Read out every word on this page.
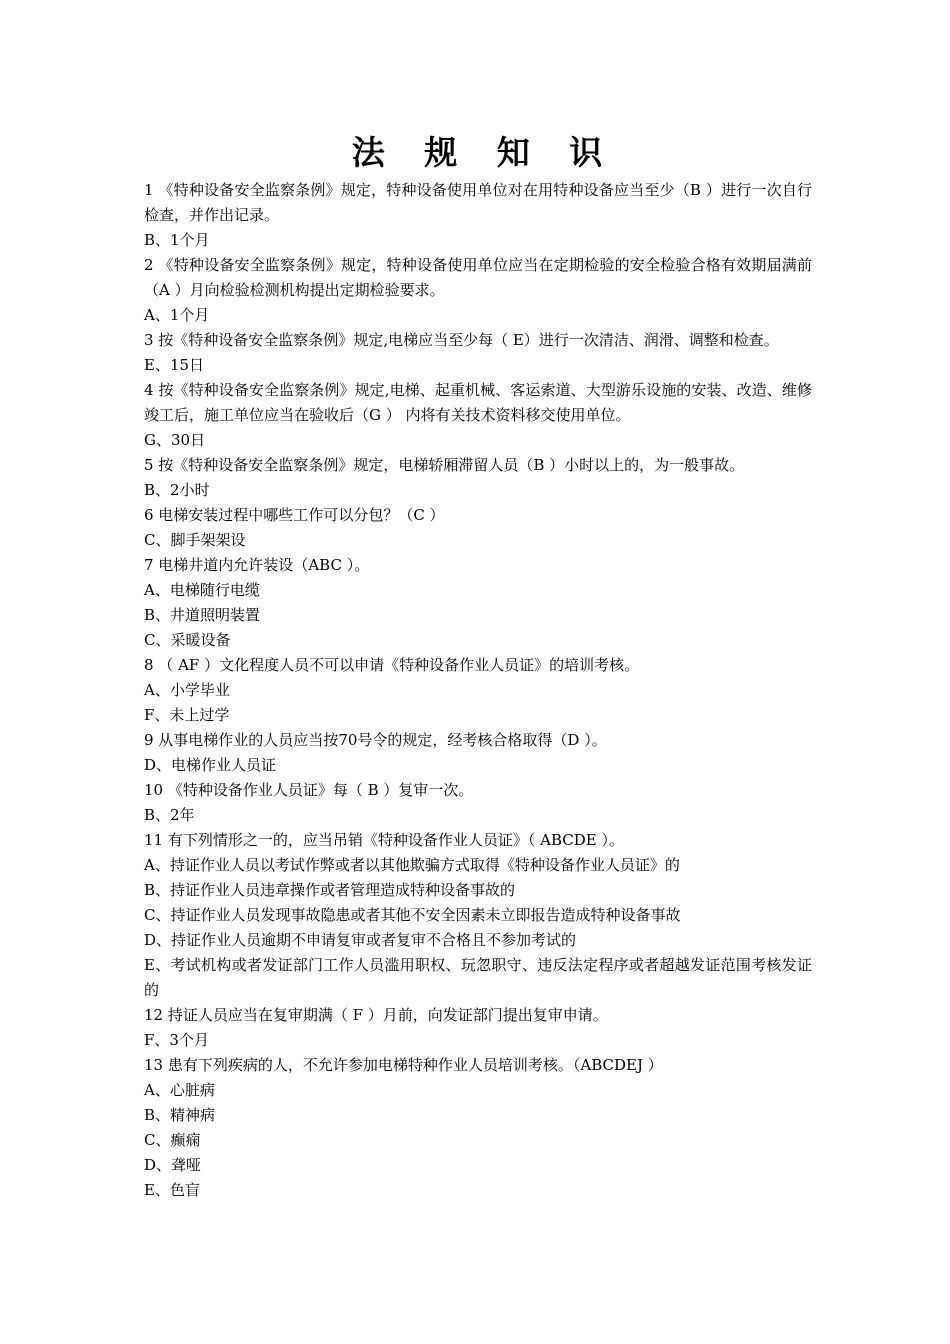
法 规 知 识
1 《特种设备安全监察条例》规定，特种设备使用单位对在用特种设备应当至少（B ）进行一次自行检查，并作出记录。
B、1个月
2 《特种设备安全监察条例》规定，特种设备使用单位应当在定期检验的安全检验合格有效期届满前（A ）月向检验检测机构提出定期检验要求。
A、1个月
3 按《特种设备安全监察条例》规定,电梯应当至少每（ E）进行一次清洁、润滑、调整和检查。
E、15日
4 按《特种设备安全监察条例》规定,电梯、起重机械、客运索道、大型游乐设施的安装、改造、维修竣工后，施工单位应当在验收后（G ） 内将有关技术资料移交使用单位。
G、30日
5 按《特种设备安全监察条例》规定，电梯轿厢滞留人员（B ）小时以上的，为一般事故。
B、2小时
6 电梯安装过程中哪些工作可以分包？（C ）
C、脚手架架设
7 电梯井道内允许装设（ABC ）。
A、电梯随行电缆
B、井道照明装置
C、采暖设备
8 （ AF ）文化程度人员不可以申请《特种设备作业人员证》的培训考核。
A、小学毕业
F、未上过学
9 从事电梯作业的人员应当按70号令的规定，经考核合格取得（D ）。
D、电梯作业人员证
10 《特种设备作业人员证》每（ B ）复审一次。
B、2年
11 有下列情形之一的，应当吊销《特种设备作业人员证》（ ABCDE ）。
A、持证作业人员以考试作弊或者以其他欺骗方式取得《特种设备作业人员证》的
B、持证作业人员违章操作或者管理造成特种设备事故的
C、持证作业人员发现事故隐患或者其他不安全因素未立即报告造成特种设备事故
D、持证作业人员逾期不申请复审或者复审不合格且不参加考试的
E、考试机构或者发证部门工作人员滥用职权、玩忽职守、违反法定程序或者超越发证范围考核发证的
12 持证人员应当在复审期满（ F ）月前，向发证部门提出复审申请。
F、3个月
13 患有下列疾病的人，不允许参加电梯特种作业人员培训考核。（ABCDEJ ）
A、心脏病
B、精神病
C、癫痫
D、聋哑
E、色盲
